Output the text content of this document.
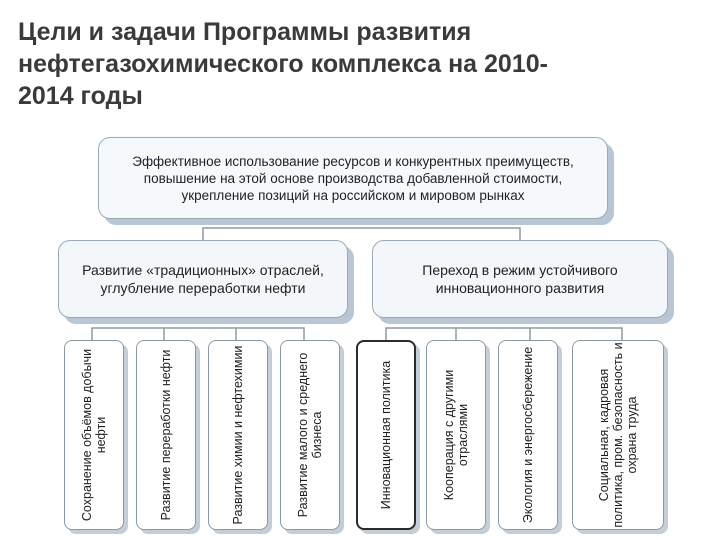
Цели и задачи Программы развития нефтегазохимического комплекса на 2010-
2014 годы
Эффективное использование ресурсов и конкурентных преимуществ, повышение на этой основе производства добавленной стоимости, укрепление позиций на российском и мировом рынках
Развитие «традиционных» отраслей, углубление переработки нефти
Переход в режим устойчивого инновационного развития
Сохранение объёмов добычи нефти	Развитие переработки нефти	Развитие химии и нефтехимии	Развитие малого и среднего бизнеса	Инновационная политика	Кооперация с другими отраслями	Экология и энергосбережение	Социальная, кадровая политика, пром. безопасность и охрана труда
